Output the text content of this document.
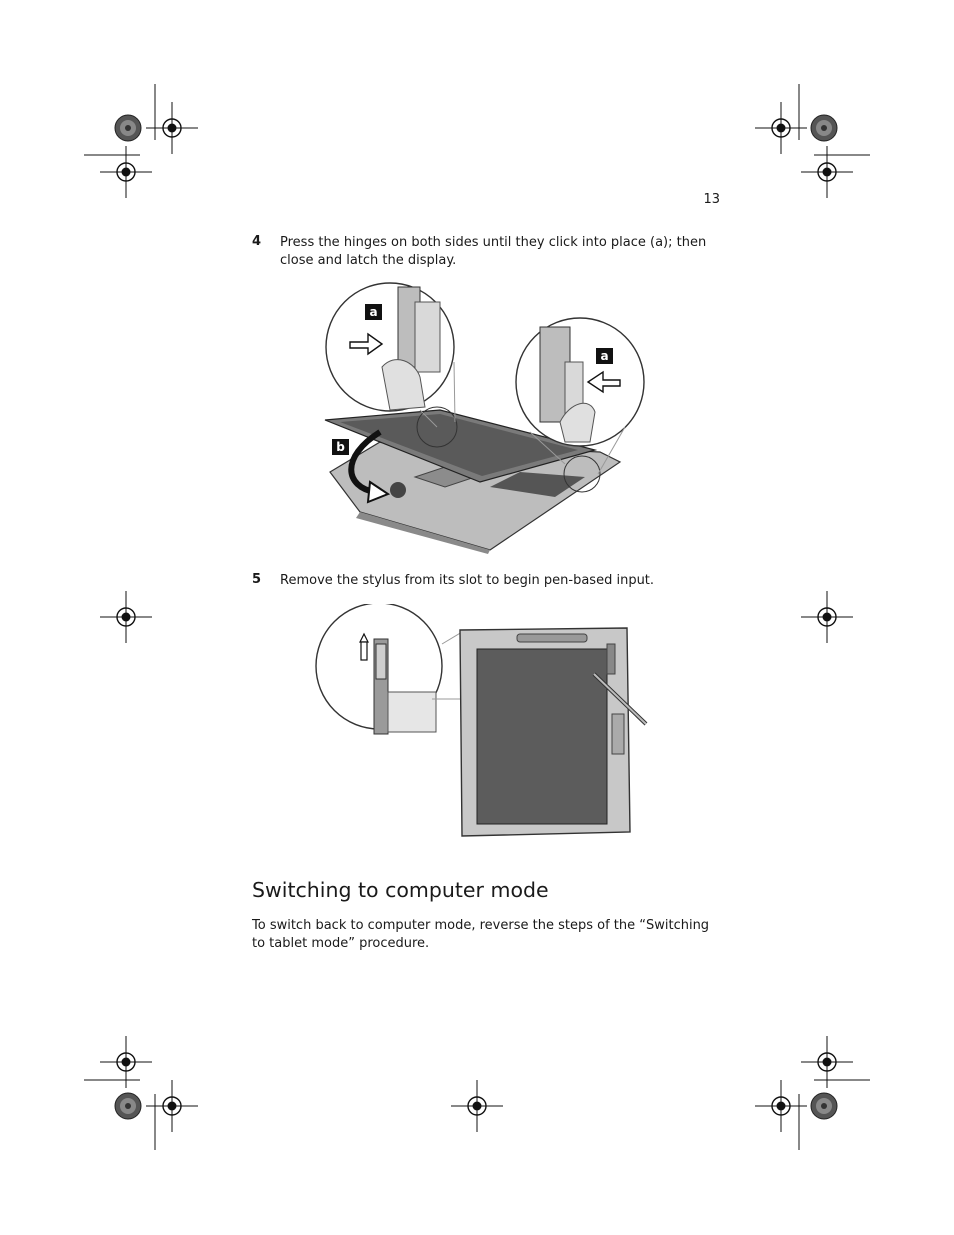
13
4 Press the hinges on both sides until they click into place (a); then close and latch the display.
a
a
b
5 Remove the stylus from its slot to begin pen-based input.
Switching to computer mode
To switch back to computer mode, reverse the steps of the “Switching to tablet mode” procedure.
